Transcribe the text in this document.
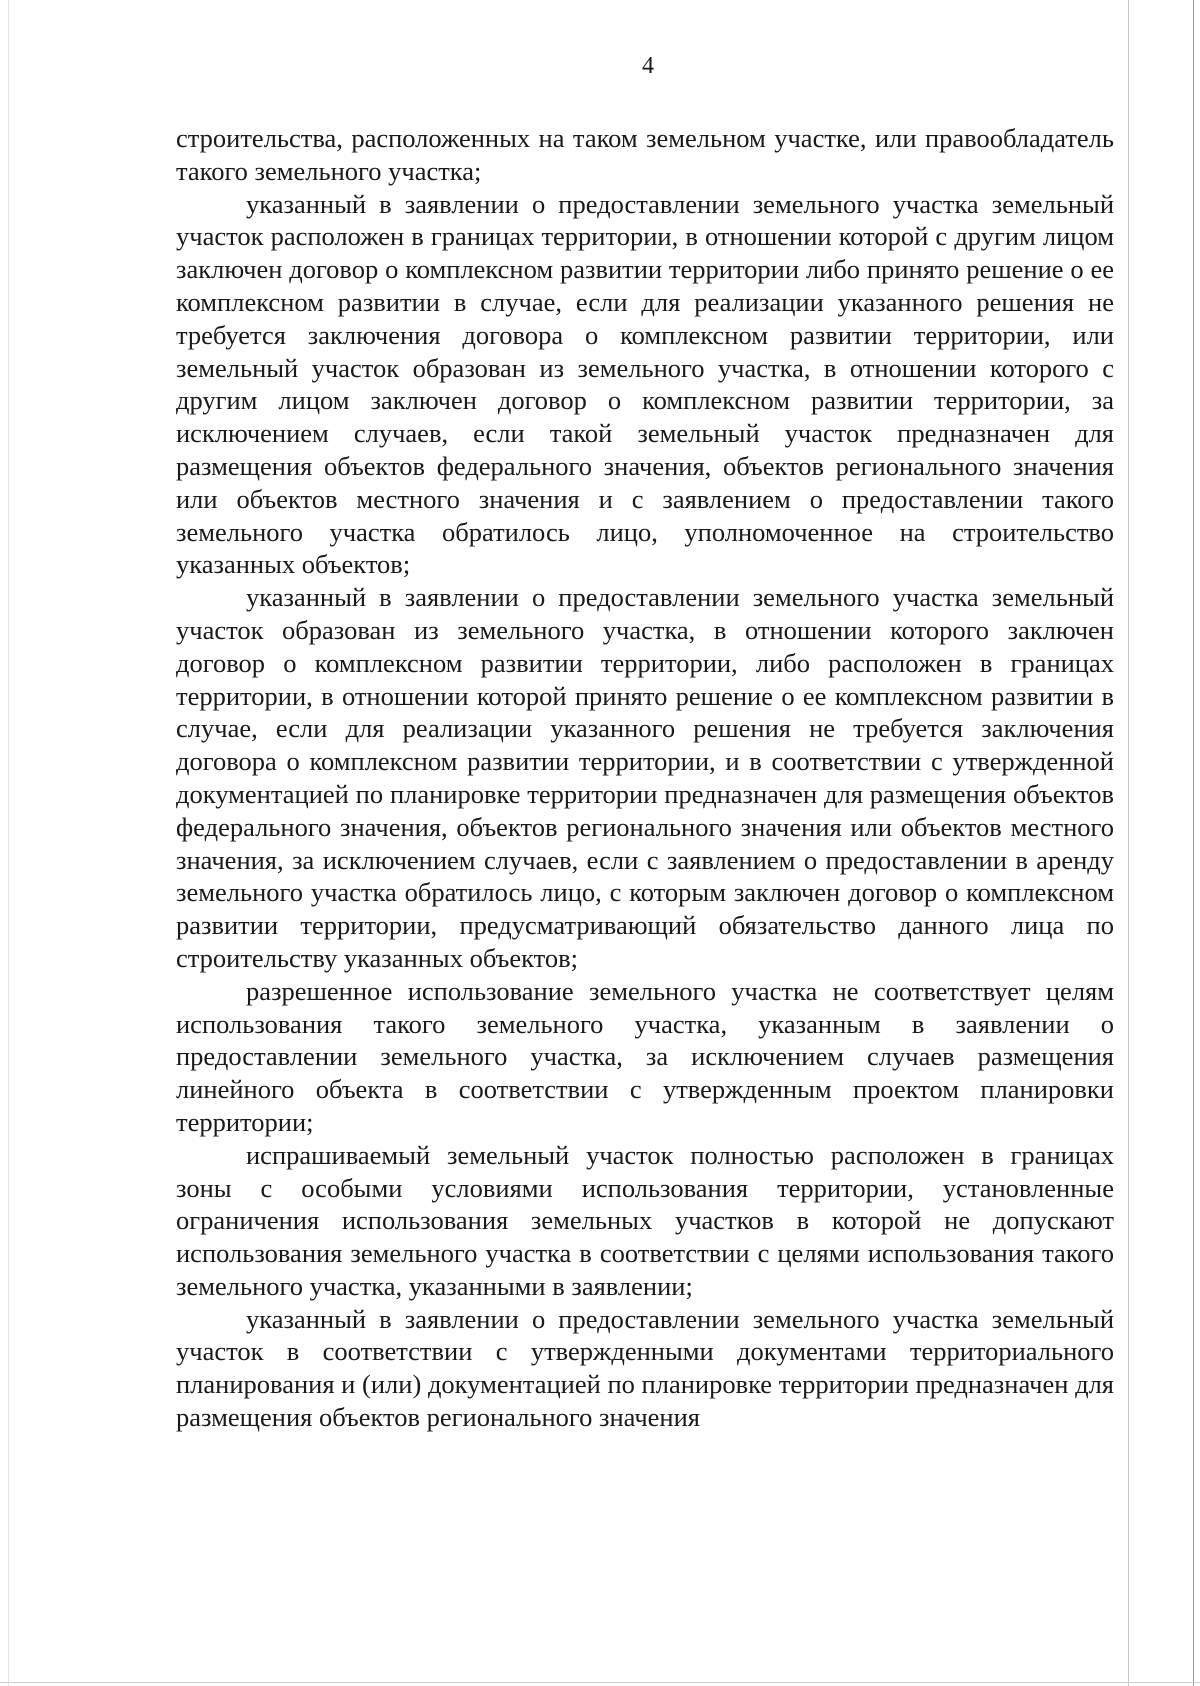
4

строительства, расположенных на таком земельном участке, или правообладатель такого земельного участка;

указанный в заявлении о предоставлении земельного участка земельный участок расположен в границах территории, в отношении которой с другим лицом заключен договор о комплексном развитии территории либо принято решение о ее комплексном развитии в случае, если для реализации указанного решения не требуется заключения договора о комплексном развитии территории, или земельный участок образован из земельного участка, в отношении которого с другим лицом заключен договор о комплексном развитии территории, за исключением случаев, если такой земельный участок предназначен для размещения объектов федерального значения, объектов регионального значения или объектов местного значения и с заявлением о предоставлении такого земельного участка обратилось лицо, уполномоченное на строительство указанных объектов;

указанный в заявлении о предоставлении земельного участка земельный участок образован из земельного участка, в отношении которого заключен договор о комплексном развитии территории, либо расположен в границах территории, в отношении которой принято решение о ее комплексном развитии в случае, если для реализации указанного решения не требуется заключения договора о комплексном развитии территории, и в соответствии с утвержденной документацией по планировке территории предназначен для размещения объектов федерального значения, объектов регионального значения или объектов местного значения, за исключением случаев, если с заявлением о предоставлении в аренду земельного участка обратилось лицо, с которым заключен договор о комплексном развитии территории, предусматривающий обязательство данного лица по строительству указанных объектов;

разрешенное использование земельного участка не соответствует целям использования такого земельного участка, указанным в заявлении о предоставлении земельного участка, за исключением случаев размещения линейного объекта в соответствии с утвержденным проектом планировки территории;

испрашиваемый земельный участок полностью расположен в границах зоны с особыми условиями использования территории, установленные ограничения использования земельных участков в которой не допускают использования земельного участка в соответствии с целями использования такого земельного участка, указанными в заявлении;

указанный в заявлении о предоставлении земельного участка земельный участок в соответствии с утвержденными документами территориального планирования и (или) документацией по планировке территории предназначен для размещения объектов регионального значения
